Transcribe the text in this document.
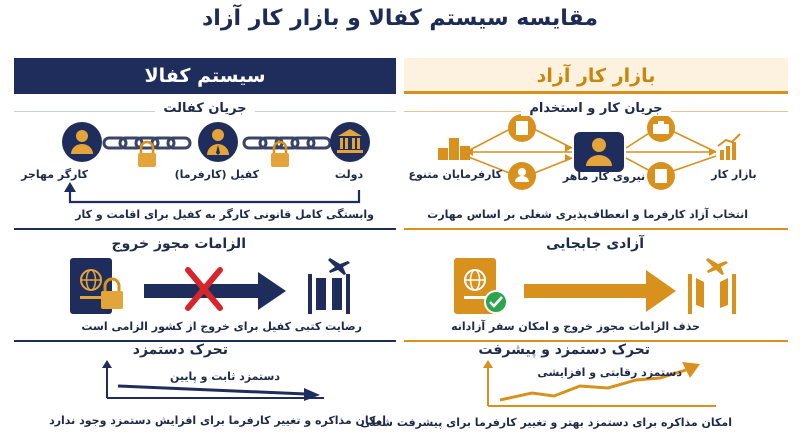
مقایسه سیستم کفالا و بازار کار آزاد
سیستم کفالا
جریان کفالت
کارگر مهاجر	کفیل (کارفرما)	دولت
وابستگی کامل قانونی کارگر به کفیل برای اقامت و کار
الزامات مجوز خروج
رضایت کتبی کفیل برای خروج از کشور الزامی است
تحرک دستمزد
دستمزد ثابت و پایین
امکان مذاکره و تغییر کارفرما برای افزایش دستمزد وجود ندارد
بازار کار آزاد
جریان کار و استخدام
کارفرمایان متنوع	نیروی کار ماهر	بازار کار
انتخاب آزاد کارفرما و انعطاف‌پذیری شغلی بر اساس مهارت
آزادی جابجایی
حذف الزامات مجوز خروج و امکان سفر آزادانه
تحرک دستمزد و پیشرفت
دستمزد رقابتی و افزایشی
امکان مذاکره برای دستمزد بهتر و تغییر کارفرما برای پیشرفت شغلی
